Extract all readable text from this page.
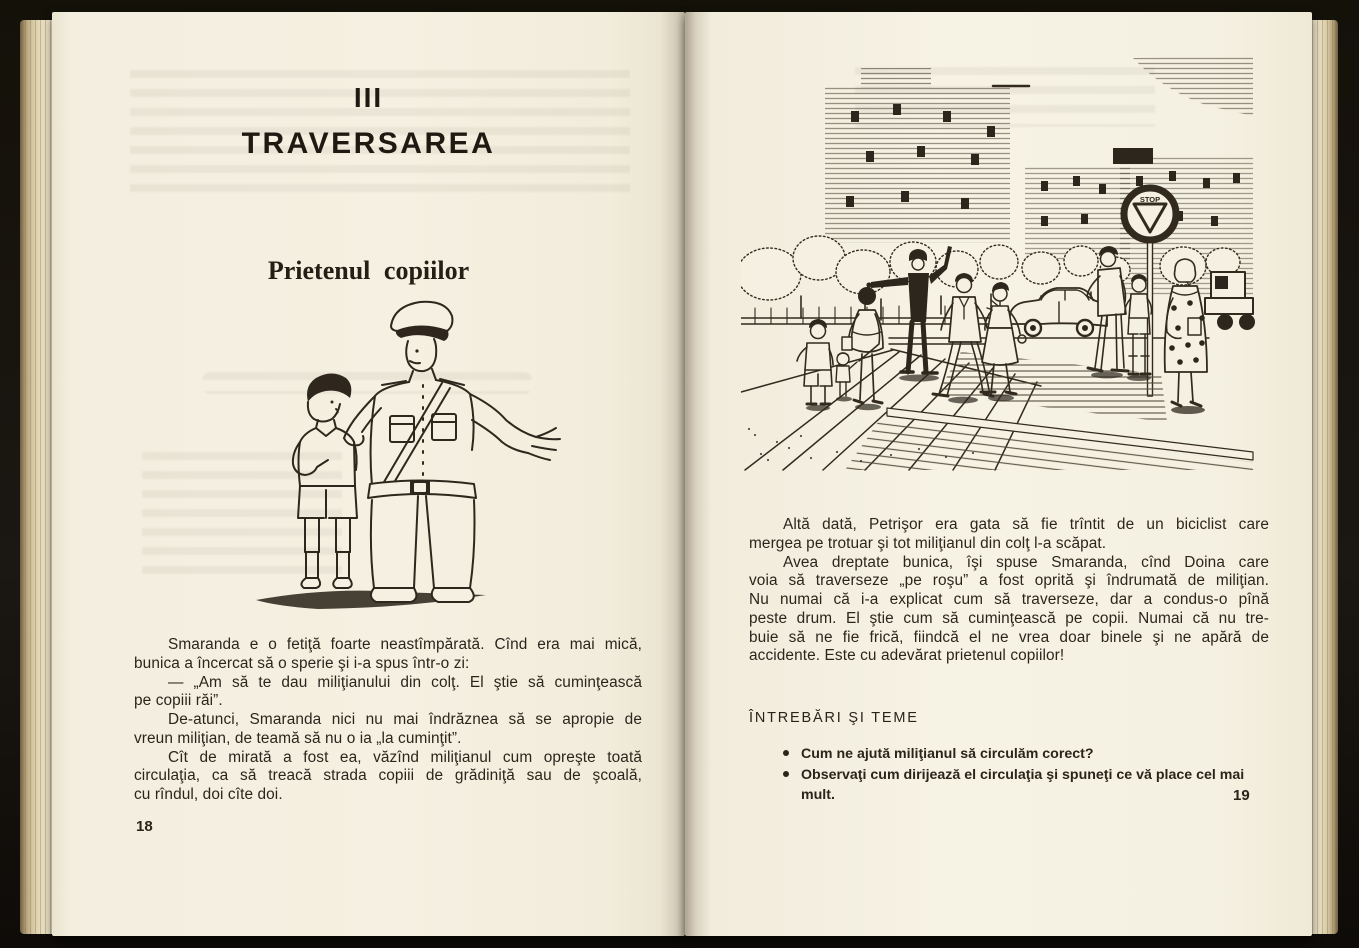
III
TRAVERSAREA
Prietenul copiilor
Smaranda e o fetiţă foarte neastîmpărată. Cînd era mai mică,
bunica a încercat să o sperie şi i-a spus într-o zi:
— „Am să te dau miliţianului din colţ. El ştie să cuminţească
pe copiii răi”.
De-atunci, Smaranda nici nu mai îndrăznea să se apropie de
vreun miliţian, de teamă să nu o ia „la cuminţit”.
Cît de mirată a fost ea, văzînd miliţianul cum opreşte toată
circulaţia, ca să treacă strada copiii de grădiniţă sau de şcoală,
cu rîndul, doi cîte doi.
18
STOP
Altă dată, Petrişor era gata să fie trîntit de un biciclist care
mergea pe trotuar şi tot miliţianul din colţ l-a scăpat.
Avea dreptate bunica, îşi spuse Smaranda, cînd Doina care
voia să traverseze „pe roşu” a fost oprită şi îndrumată de miliţian.
Nu numai că i-a explicat cum să traverseze, dar a condus-o pînă
peste drum. El ştie cum să cuminţească pe copii. Numai că nu tre-
buie să ne fie frică, fiindcă el ne vrea doar binele şi ne apără de
accidente. Este cu adevărat prietenul copiilor!
ÎNTREBĂRI ŞI TEME
Cum ne ajută miliţianul să circulăm corect?
Observaţi cum dirijează el circulaţia şi spuneţi ce vă place cel mai mult.	19
